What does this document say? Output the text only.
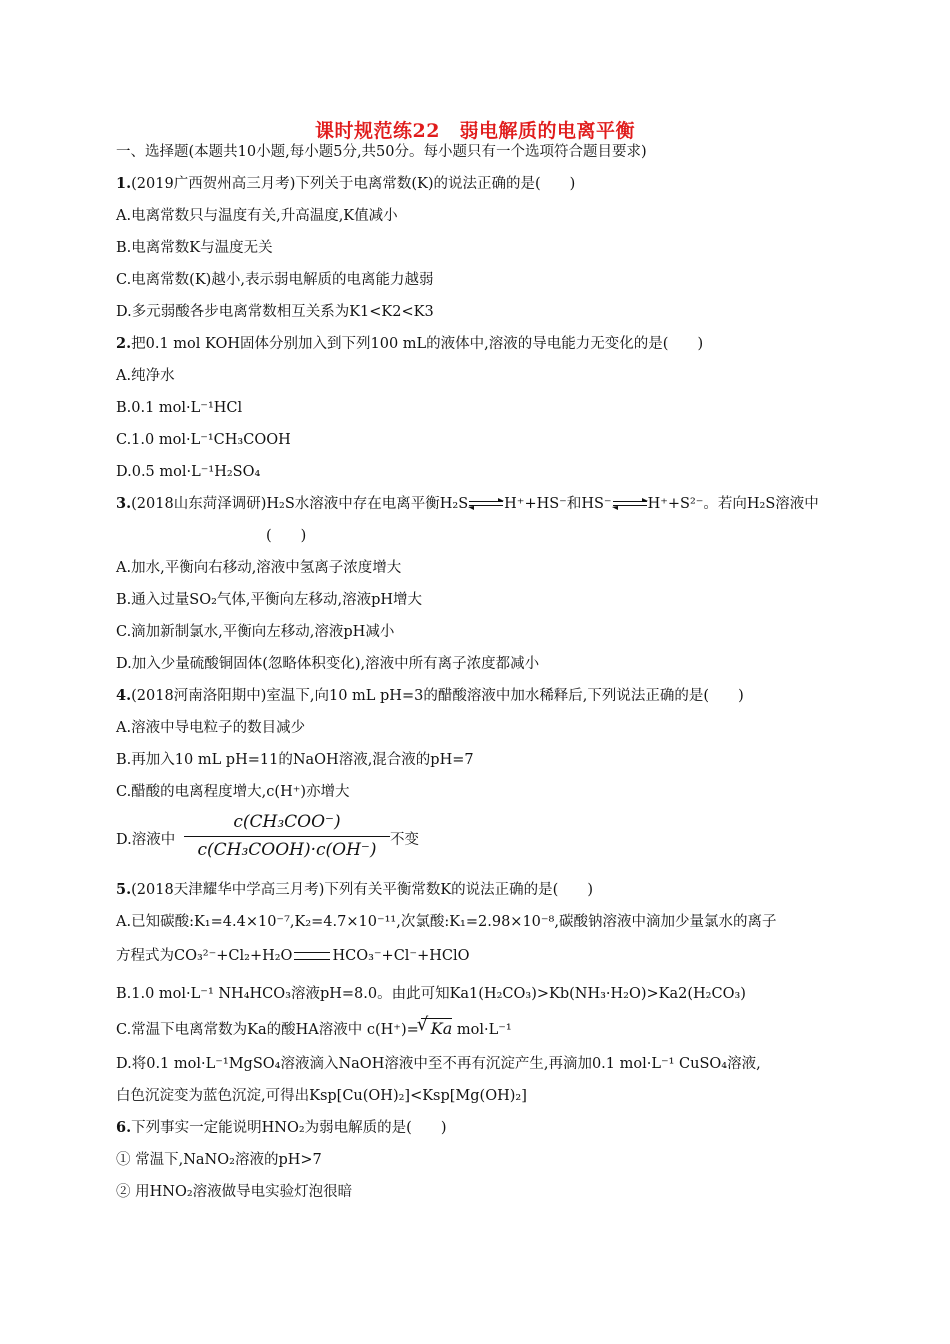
课时规范练22　弱电解质的电离平衡
一、选择题(本题共10小题,每小题5分,共50分。每小题只有一个选项符合题目要求)
1.(2019广西贺州高三月考)下列关于电离常数(K)的说法正确的是(　　)
A.电离常数只与温度有关,升高温度,K值减小
B.电离常数K与温度无关
C.电离常数(K)越小,表示弱电解质的电离能力越弱
D.多元弱酸各步电离常数相互关系为K1<K2<K3
2.把0.1 mol KOH固体分别加入到下列100 mL的液体中,溶液的导电能力无变化的是(　　)
A.纯净水
B.0.1 mol·L⁻¹HCl
C.1.0 mol·L⁻¹CH₃COOH
D.0.5 mol·L⁻¹H₂SO₄
3.(2018山东菏泽调研)H₂S水溶液中存在电离平衡H₂S H⁺+HS⁻和HS⁻ H⁺+S²⁻。若向H₂S溶液中
(　　)
A.加水,平衡向右移动,溶液中氢离子浓度增大
B.通入过量SO₂气体,平衡向左移动,溶液pH增大
C.滴加新制氯水,平衡向左移动,溶液pH减小
D.加入少量硫酸铜固体(忽略体积变化),溶液中所有离子浓度都减小
4.(2018河南洛阳期中)室温下,向10 mL pH=3的醋酸溶液中加水稀释后,下列说法正确的是(　　)
A.溶液中导电粒子的数目减少
B.再加入10 mL pH=11的NaOH溶液,混合液的pH=7
C.醋酸的电离程度增大,c(H⁺)亦增大
D.溶液中
c(CH₃COO⁻)
c(CH₃COOH)·c(OH⁻) 不变
5.(2018天津耀华中学高三月考)下列有关平衡常数K的说法正确的是(　　)
A.已知碳酸:K₁=4.4×10⁻⁷,K₂=4.7×10⁻¹¹,次氯酸:K₁=2.98×10⁻⁸,碳酸钠溶液中滴加少量氯水的离子
方程式为CO₃²⁻+Cl₂+H₂O	HCO₃⁻+Cl⁻+HClO
B.1.0 mol·L⁻¹ NH₄HCO₃溶液pH=8.0。由此可知Ka1(H₂CO₃)>Kb(NH₃·H₂O)>Ka2(H₂CO₃)
C.常温下电离常数为Ka的酸HA溶液中 c(H⁺)= √ Ka mol·L⁻¹
D.将0.1 mol·L⁻¹MgSO₄溶液滴入NaOH溶液中至不再有沉淀产生,再滴加0.1 mol·L⁻¹ CuSO₄溶液,
白色沉淀变为蓝色沉淀,可得出Ksp[Cu(OH)₂]<Ksp[Mg(OH)₂]
6.下列事实一定能说明HNO₂为弱电解质的是(　　)
① 常温下,NaNO₂溶液的pH>7
② 用HNO₂溶液做导电实验灯泡很暗
